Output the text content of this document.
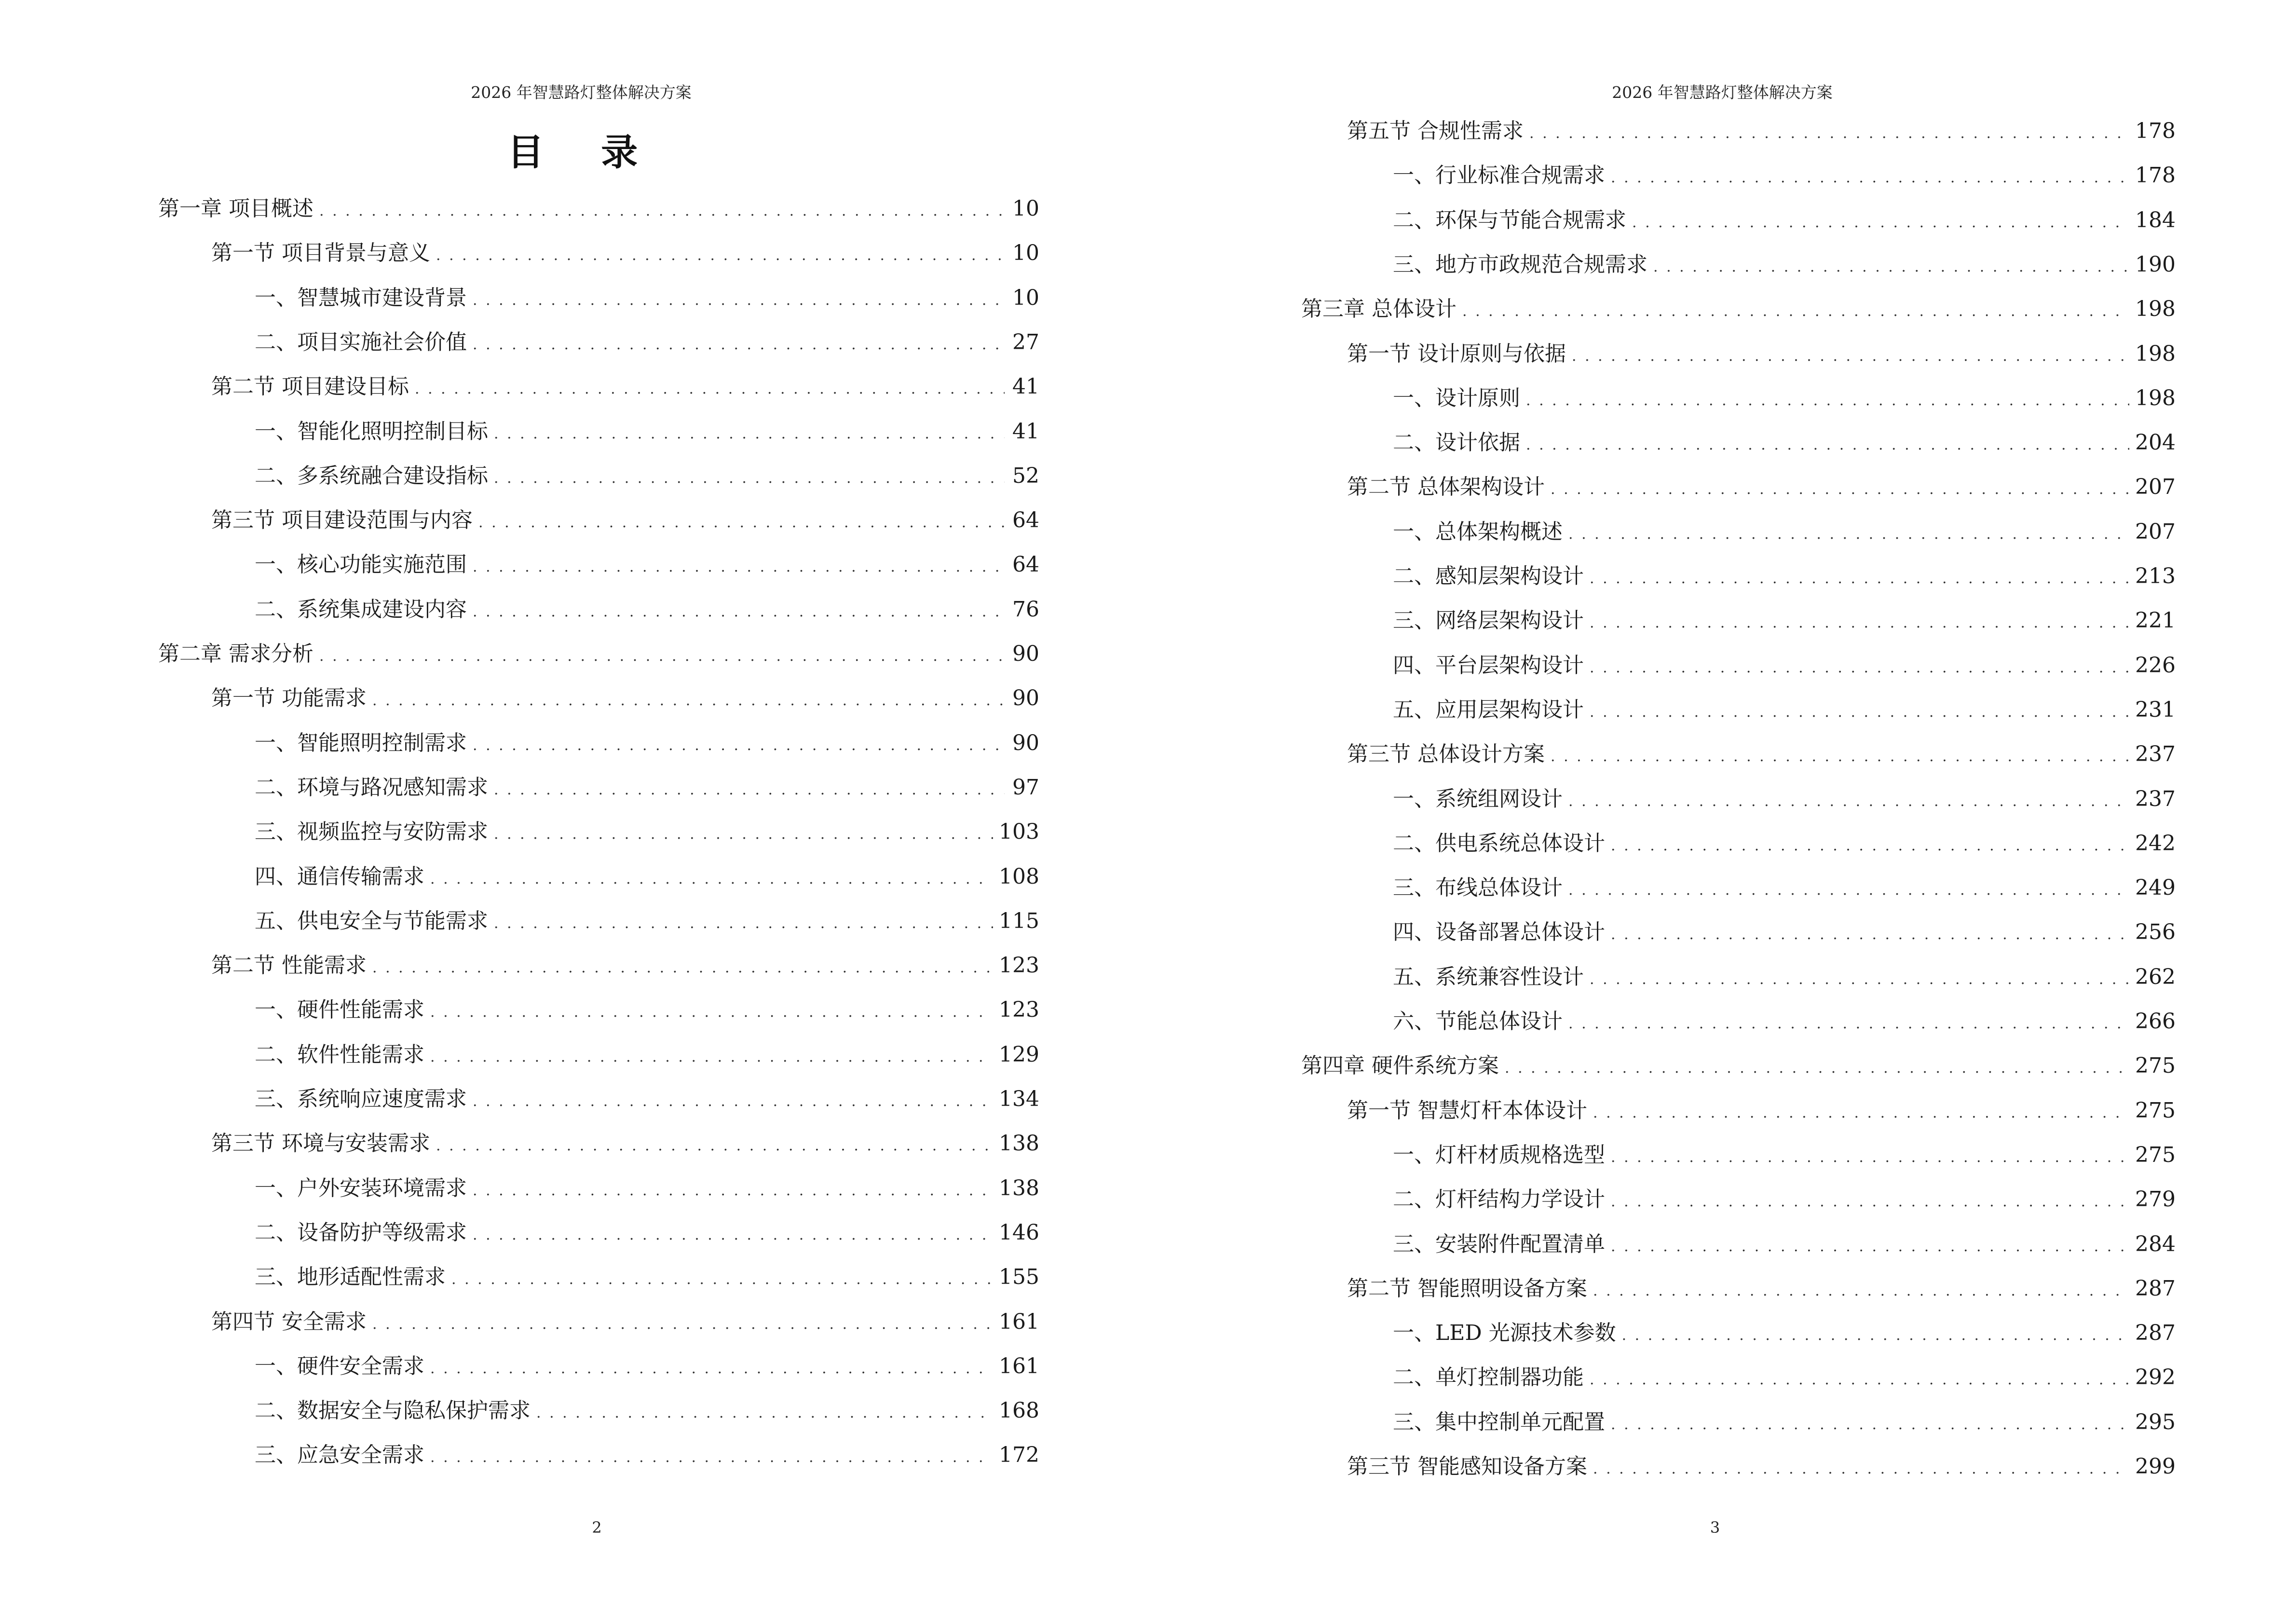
2026 年智慧路灯整体解决方案
目 录
第一章 项目概述 . . .	10
第一节 项目背景与意义 . . .	10
一、智慧城市建设背景 . . .	10
二、项目实施社会价值 . . .	27
第二节 项目建设目标 . . .	41
一、智能化照明控制目标 . . .	41
二、多系统融合建设指标 . . .	52
第三节 项目建设范围与内容 . . .	64
一、核心功能实施范围 . . .	64
二、系统集成建设内容 . . .	76
第二章 需求分析 . . .	90
第一节 功能需求 . . .	90
一、智能照明控制需求 . . .	90
二、环境与路况感知需求 . . .	97
三、视频监控与安防需求 . . .	103
四、通信传输需求 . . .	108
五、供电安全与节能需求 . . .	115
第二节 性能需求 . . .	123
一、硬件性能需求 . . .	123
二、软件性能需求 . . .	129
三、系统响应速度需求 . . .	134
第三节 环境与安装需求 . . .	138
一、户外安装环境需求 . . .	138
二、设备防护等级需求 . . .	146
三、地形适配性需求 . . .	155
第四节 安全需求 . . .	161
一、硬件安全需求 . . .	161
二、数据安全与隐私保护需求 . . .	168
三、应急安全需求 . . .	172
2
2026 年智慧路灯整体解决方案
第五节 合规性需求 . . .	178
一、行业标准合规需求 . . .	178
二、环保与节能合规需求 . . .	184
三、地方市政规范合规需求 . . .	190
第三章 总体设计 . . .	198
第一节 设计原则与依据 . . .	198
一、设计原则 . . .	198
二、设计依据 . . .	204
第二节 总体架构设计 . . .	207
一、总体架构概述 . . .	207
二、感知层架构设计 . . .	213
三、网络层架构设计 . . .	221
四、平台层架构设计 . . .	226
五、应用层架构设计 . . .	231
第三节 总体设计方案 . . .	237
一、系统组网设计 . . .	237
二、供电系统总体设计 . . .	242
三、布线总体设计 . . .	249
四、设备部署总体设计 . . .	256
五、系统兼容性设计 . . .	262
六、节能总体设计 . . .	266
第四章 硬件系统方案 . . .	275
第一节 智慧灯杆本体设计 . . .	275
一、灯杆材质规格选型 . . .	275
二、灯杆结构力学设计 . . .	279
三、安装附件配置清单 . . .	284
第二节 智能照明设备方案 . . .	287
一、LED 光源技术参数 . . .	287
二、单灯控制器功能 . . .	292
三、集中控制单元配置 . . .	295
第三节 智能感知设备方案 . . .	299
3
